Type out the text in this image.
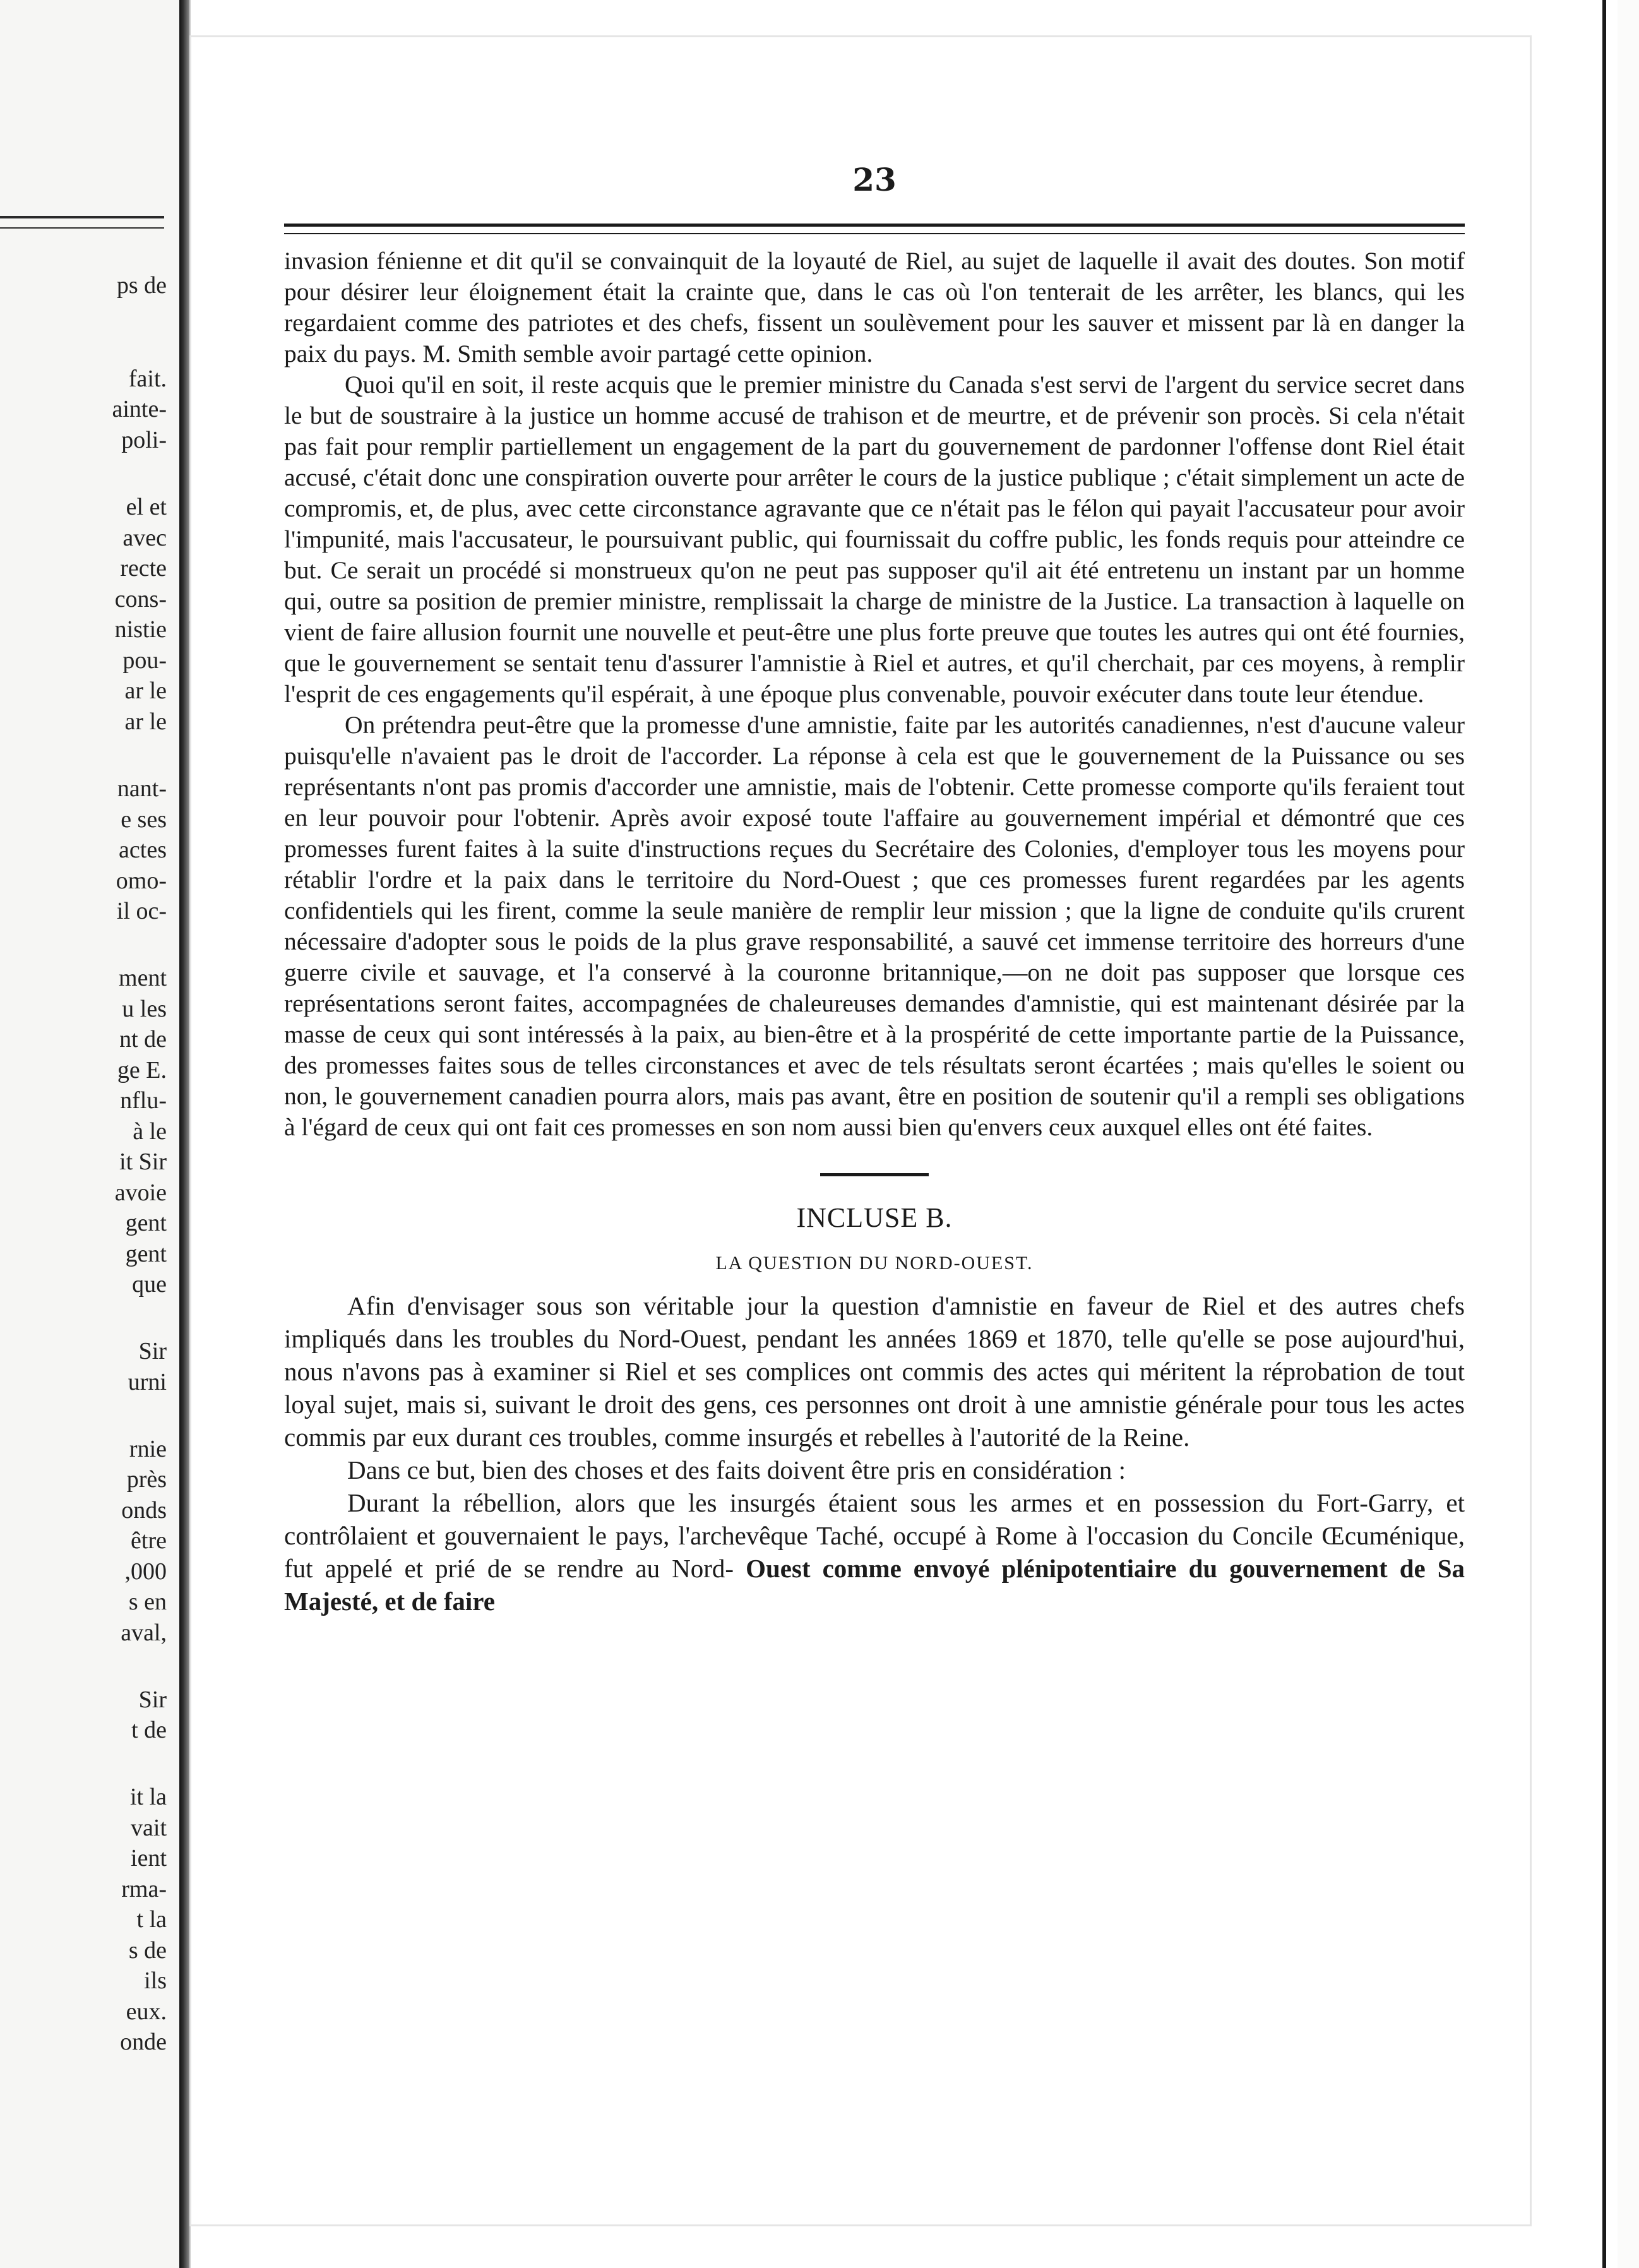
ps de
fait.
ainte-
poli-
el et
avec
recte
cons-
nistie
pou-
ar le
ar le
nant-
e ses
actes
omo-
il oc-
ment
u les
nt de
ge E.
nflu-
à le
it Sir
avoie
gent
gent
que
Sir
urni
rnie
près
onds
être
,000
s en
aval,
Sir
t de
it la
vait
ient
rma-
t la
s de
ils
eux.
onde
23

invasion fénienne et dit qu'il se convainquit de la loyauté de Riel, au sujet de laquelle il avait des doutes. Son motif pour désirer leur éloignement était la crainte que, dans le cas où l'on tenterait de les arrêter, les blancs, qui les regardaient comme des patriotes et des chefs, fissent un soulèvement pour les sauver et missent par là en danger la paix du pays. M. Smith semble avoir partagé cette opinion.

Quoi qu'il en soit, il reste acquis que le premier ministre du Canada s'est servi de l'argent du service secret dans le but de soustraire à la justice un homme accusé de trahison et de meurtre, et de prévenir son procès. Si cela n'était pas fait pour remplir partiellement un engagement de la part du gouvernement de pardonner l'offense dont Riel était accusé, c'était donc une conspiration ouverte pour arrêter le cours de la justice publique ; c'était simplement un acte de compromis, et, de plus, avec cette circonstance agravante que ce n'était pas le félon qui payait l'accusateur pour avoir l'impunité, mais l'accusateur, le poursuivant public, qui fournissait du coffre public, les fonds requis pour atteindre ce but. Ce serait un procédé si monstrueux qu'on ne peut pas supposer qu'il ait été entretenu un instant par un homme qui, outre sa position de premier ministre, remplissait la charge de ministre de la Justice. La transaction à laquelle on vient de faire allusion fournit une nouvelle et peut-être une plus forte preuve que toutes les autres qui ont été fournies, que le gouvernement se sentait tenu d'assurer l'amnistie à Riel et autres, et qu'il cherchait, par ces moyens, à remplir l'esprit de ces engagements qu'il espérait, à une époque plus convenable, pouvoir exécuter dans toute leur étendue.

On prétendra peut-être que la promesse d'une amnistie, faite par les autorités canadiennes, n'est d'aucune valeur puisqu'elle n'avaient pas le droit de l'accorder. La réponse à cela est que le gouvernement de la Puissance ou ses représentants n'ont pas promis d'accorder une amnistie, mais de l'obtenir. Cette promesse comporte qu'ils feraient tout en leur pouvoir pour l'obtenir. Après avoir exposé toute l'affaire au gouvernement impérial et démontré que ces promesses furent faites à la suite d'instructions reçues du Secrétaire des Colonies, d'employer tous les moyens pour rétablir l'ordre et la paix dans le territoire du Nord-Ouest ; que ces promesses furent regardées par les agents confidentiels qui les firent, comme la seule manière de remplir leur mission ; que la ligne de conduite qu'ils crurent nécessaire d'adopter sous le poids de la plus grave responsabilité, a sauvé cet immense territoire des horreurs d'une guerre civile et sauvage, et l'a conservé à la couronne britannique,—on ne doit pas supposer que lorsque ces représentations seront faites, accompagnées de chaleureuses demandes d'amnistie, qui est maintenant désirée par la masse de ceux qui sont intéressés à la paix, au bien-être et à la prospérité de cette importante partie de la Puissance, des promesses faites sous de telles circonstances et avec de tels résultats seront écartées ; mais qu'elles le soient ou non, le gouvernement canadien pourra alors, mais pas avant, être en position de soutenir qu'il a rempli ses obligations à l'égard de ceux qui ont fait ces promesses en son nom aussi bien qu'envers ceux auxquel elles ont été faites.

INCLUSE B.
LA QUESTION DU NORD-OUEST.

Afin d'envisager sous son véritable jour la question d'amnistie en faveur de Riel et des autres chefs impliqués dans les troubles du Nord-Ouest, pendant les années 1869 et 1870, telle qu'elle se pose aujourd'hui, nous n'avons pas à examiner si Riel et ses complices ont commis des actes qui méritent la réprobation de tout loyal sujet, mais si, suivant le droit des gens, ces personnes ont droit à une amnistie générale pour tous les actes commis par eux durant ces troubles, comme insurgés et rebelles à l'autorité de la Reine.

Dans ce but, bien des choses et des faits doivent être pris en considération :

Durant la rébellion, alors que les insurgés étaient sous les armes et en possession du Fort-Garry, et contrôlaient et gouvernaient le pays, l'archevêque Taché, occupé à Rome à l'occasion du Concile Œcuménique, fut appelé et prié de se rendre au Nord- Ouest comme envoyé plénipotentiaire du gouvernement de Sa Majesté, et de faire
